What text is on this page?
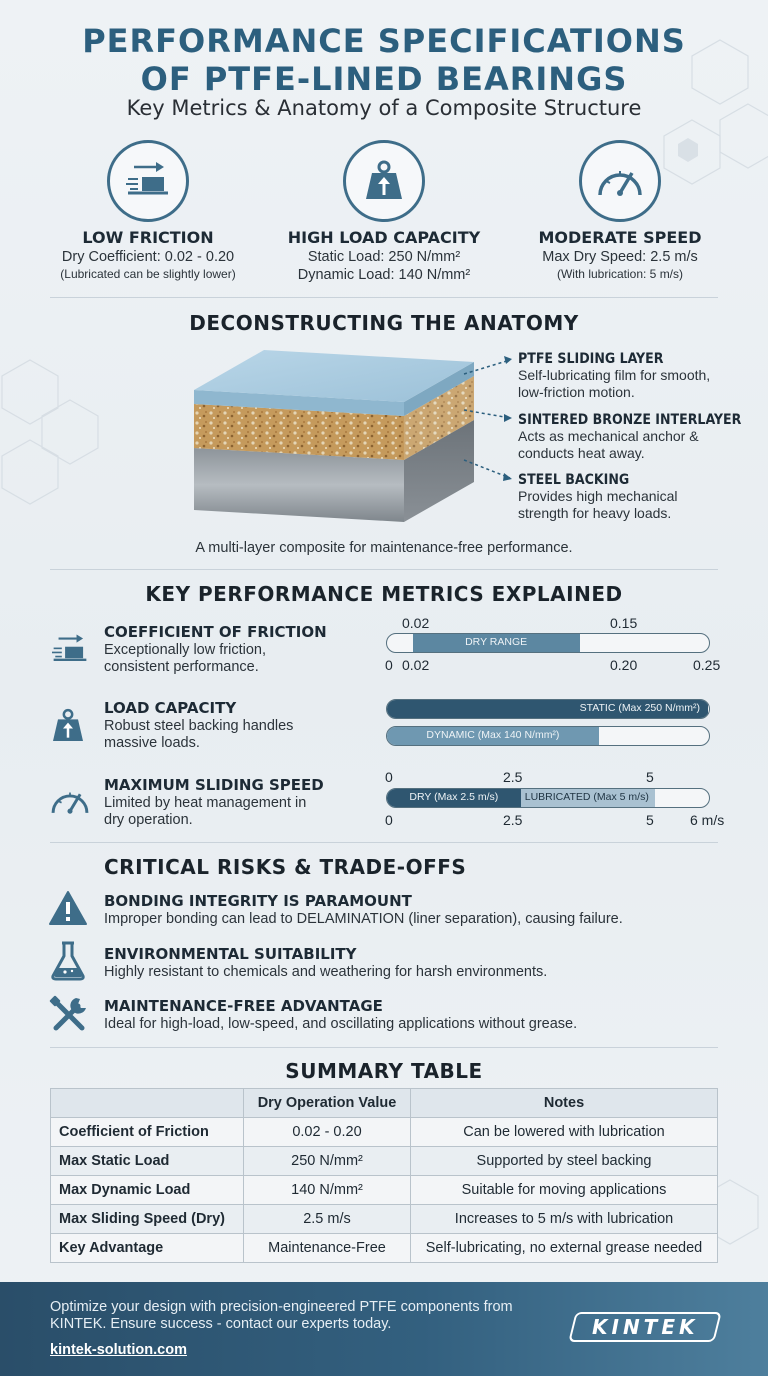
PERFORMANCE SPECIFICATIONS
OF PTFE-LINED BEARINGS
Key Metrics & Anatomy of a Composite Structure
LOW FRICTION
Dry Coefficient: 0.02 - 0.20
(Lubricated can be slightly lower)
HIGH LOAD CAPACITY
Static Load: 250 N/mm²
Dynamic Load: 140 N/mm²
MODERATE SPEED
Max Dry Speed: 2.5 m/s
(With lubrication: 5 m/s)
DECONSTRUCTING THE ANATOMY
PTFE SLIDING LAYER
Self-lubricating film for smooth,
low-friction motion.
SINTERED BRONZE INTERLAYER
Acts as mechanical anchor &
conducts heat away.
STEEL BACKING
Provides high mechanical
strength for heavy loads.
A multi-layer composite for maintenance-free performance.
KEY PERFORMANCE METRICS EXPLAINED
COEFFICIENT OF FRICTION
Exceptionally low friction,
consistent performance.
0.02	0.15
DRY RANGE
0 0.02	0.20	0.25
LOAD CAPACITY
Robust steel backing handles
massive loads.
STATIC (Max 250 N/mm²)
DYNAMIC (Max 140 N/mm²)
MAXIMUM SLIDING SPEED
Limited by heat management in
dry operation.
0	2.5	5
LUBRICATED (Max 5 m/s)
DRY (Max 2.5 m/s)
0	2.5	5	6 m/s
CRITICAL RISKS & TRADE-OFFS
BONDING INTEGRITY IS PARAMOUNT
Improper bonding can lead to DELAMINATION (liner separation), causing failure.
ENVIRONMENTAL SUITABILITY
Highly resistant to chemicals and weathering for harsh environments.
MAINTENANCE-FREE ADVANTAGE
Ideal for high-load, low-speed, and oscillating applications without grease.
SUMMARY TABLE
	Dry Operation Value	Notes
Coefficient of Friction	0.02 - 0.20	Can be lowered with lubrication
Max Static Load	250 N/mm²	Supported by steel backing
Max Dynamic Load	140 N/mm²	Suitable for moving applications
Max Sliding Speed (Dry)	2.5 m/s	Increases to 5 m/s with lubrication
Key Advantage	Maintenance-Free	Self-lubricating, no external grease needed
Optimize your design with precision-engineered PTFE components from
KINTEK. Ensure success - contact our experts today.
kintek-solution.com
KINTEK
